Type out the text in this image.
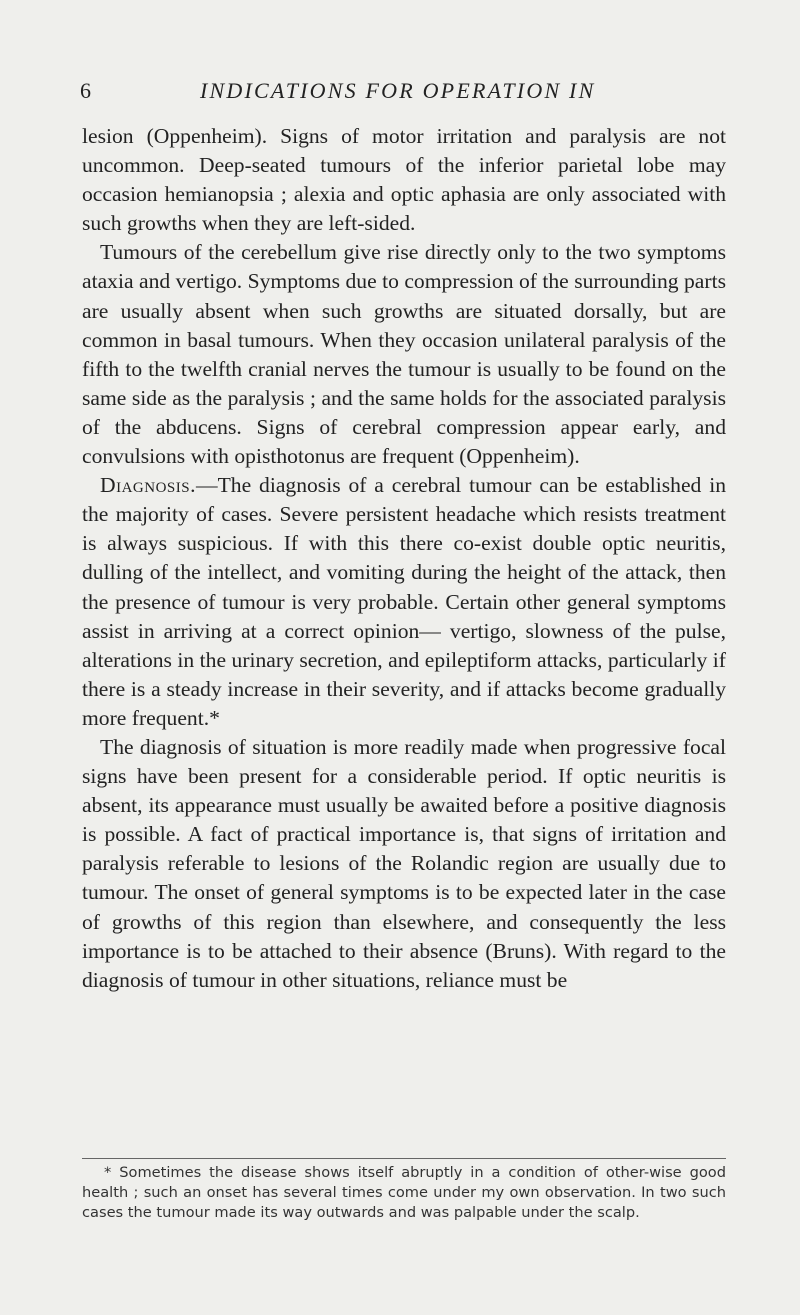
6	INDICATIONS FOR OPERATION IN

lesion (Oppenheim). Signs of motor irritation and paralysis are not uncommon. Deep-seated tumours of the inferior parietal lobe may occasion hemianopsia ; alexia and optic aphasia are only associated with such growths when they are left-sided.

Tumours of the cerebellum give rise directly only to the two symptoms ataxia and vertigo. Symptoms due to compression of the surrounding parts are usually absent when such growths are situated dorsally, but are common in basal tumours. When they occasion unilateral paralysis of the fifth to the twelfth cranial nerves the tumour is usually to be found on the same side as the paralysis ; and the same holds for the associated paralysis of the abducens. Signs of cerebral compression appear early, and convulsions with opisthotonus are frequent (Oppenheim).

Diagnosis.—The diagnosis of a cerebral tumour can be established in the majority of cases. Severe persistent headache which resists treatment is always suspicious. If with this there co-exist double optic neuritis, dulling of the intellect, and vomiting during the height of the attack, then the presence of tumour is very probable. Certain other general symptoms assist in arriving at a correct opinion— vertigo, slowness of the pulse, alterations in the urinary secretion, and epileptiform attacks, particularly if there is a steady increase in their severity, and if attacks become gradually more frequent.*

The diagnosis of situation is more readily made when progressive focal signs have been present for a considerable period. If optic neuritis is absent, its appearance must usually be awaited before a positive diagnosis is possible. A fact of practical importance is, that signs of irritation and paralysis referable to lesions of the Rolandic region are usually due to tumour. The onset of general symptoms is to be expected later in the case of growths of this region than elsewhere, and consequently the less importance is to be attached to their absence (Bruns). With regard to the diagnosis of tumour in other situations, reliance must be

* Sometimes the disease shows itself abruptly in a condition of other-wise good health ; such an onset has several times come under my own observation. In two such cases the tumour made its way outwards and was palpable under the scalp.
